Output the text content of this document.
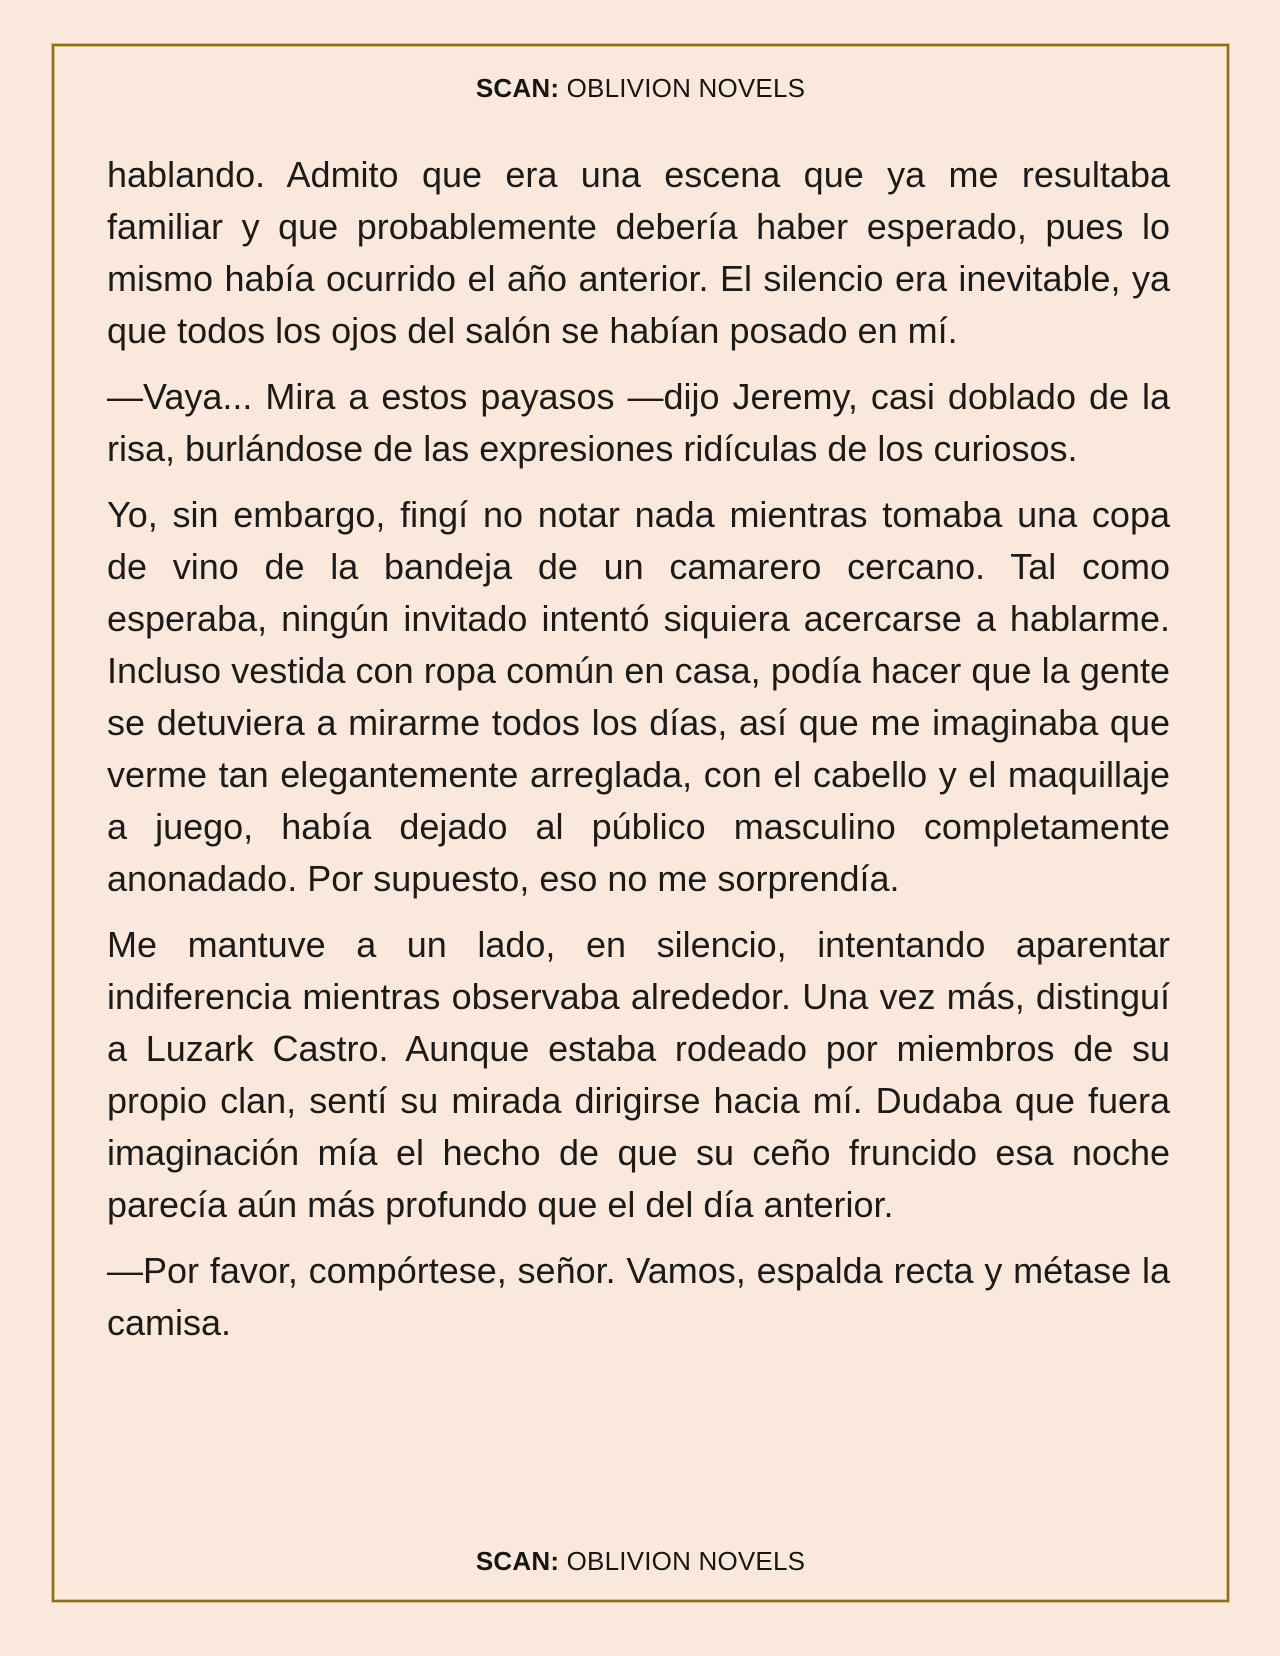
SCAN: OBLIVION NOVELS

hablando. Admito que era una escena que ya me resultaba familiar y que probablemente debería haber esperado, pues lo mismo había ocurrido el año anterior. El silencio era inevitable, ya que todos los ojos del salón se habían posado en mí.

—Vaya... Mira a estos payasos —dijo Jeremy, casi doblado de la risa, burlándose de las expresiones ridículas de los curiosos.

Yo, sin embargo, fingí no notar nada mientras tomaba una copa de vino de la bandeja de un camarero cercano. Tal como esperaba, ningún invitado intentó siquiera acercarse a hablarme. Incluso vestida con ropa común en casa, podía hacer que la gente se detuviera a mirarme todos los días, así que me imaginaba que verme tan elegantemente arreglada, con el cabello y el maquillaje a juego, había dejado al público masculino completamente anonadado. Por supuesto, eso no me sorprendía.

Me mantuve a un lado, en silencio, intentando aparentar indiferencia mientras observaba alrededor. Una vez más, distinguí a Luzark Castro. Aunque estaba rodeado por miembros de su propio clan, sentí su mirada dirigirse hacia mí. Dudaba que fuera imaginación mía el hecho de que su ceño fruncido esa noche parecía aún más profundo que el del día anterior.

—Por favor, compórtese, señor. Vamos, espalda recta y métase la camisa.

SCAN: OBLIVION NOVELS
